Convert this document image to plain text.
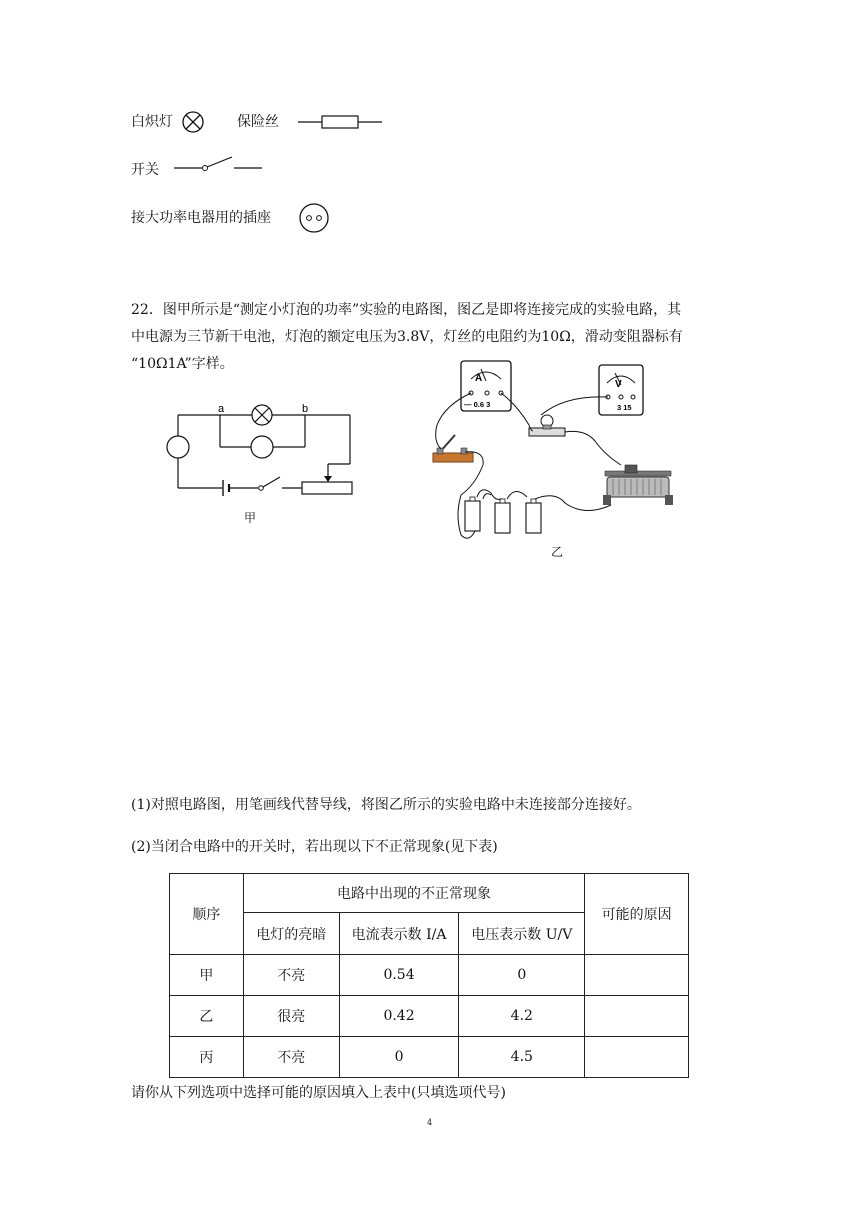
白炽灯	保险丝
开关
接大功率电器用的插座
22．图甲所示是“测定小灯泡的功率”实验的电路图，图乙是即将连接完成的实验电路，其
中电源为三节新干电池，灯泡的额定电压为3.8V，灯丝的电阻约为10Ω，滑动变阻器标有
“10Ω1A”字样。
a	b
甲
A
— 0.6 3
V
3 15
乙
(1)对照电路图，用笔画线代替导线，将图乙所示的实验电路中未连接部分连接好。
(2)当闭合电路中的开关时，若出现以下不正常现象(见下表)
顺序	电路中出现的不正常现象			可能的原因
	电灯的亮暗	电流表示数 I/A	电压表示数 U/V	
甲	不亮	0.54	0	
乙	很亮	0.42	4.2	
丙	不亮	0	4.5	
请你从下列选项中选择可能的原因填入上表中(只填选项代号)
4
